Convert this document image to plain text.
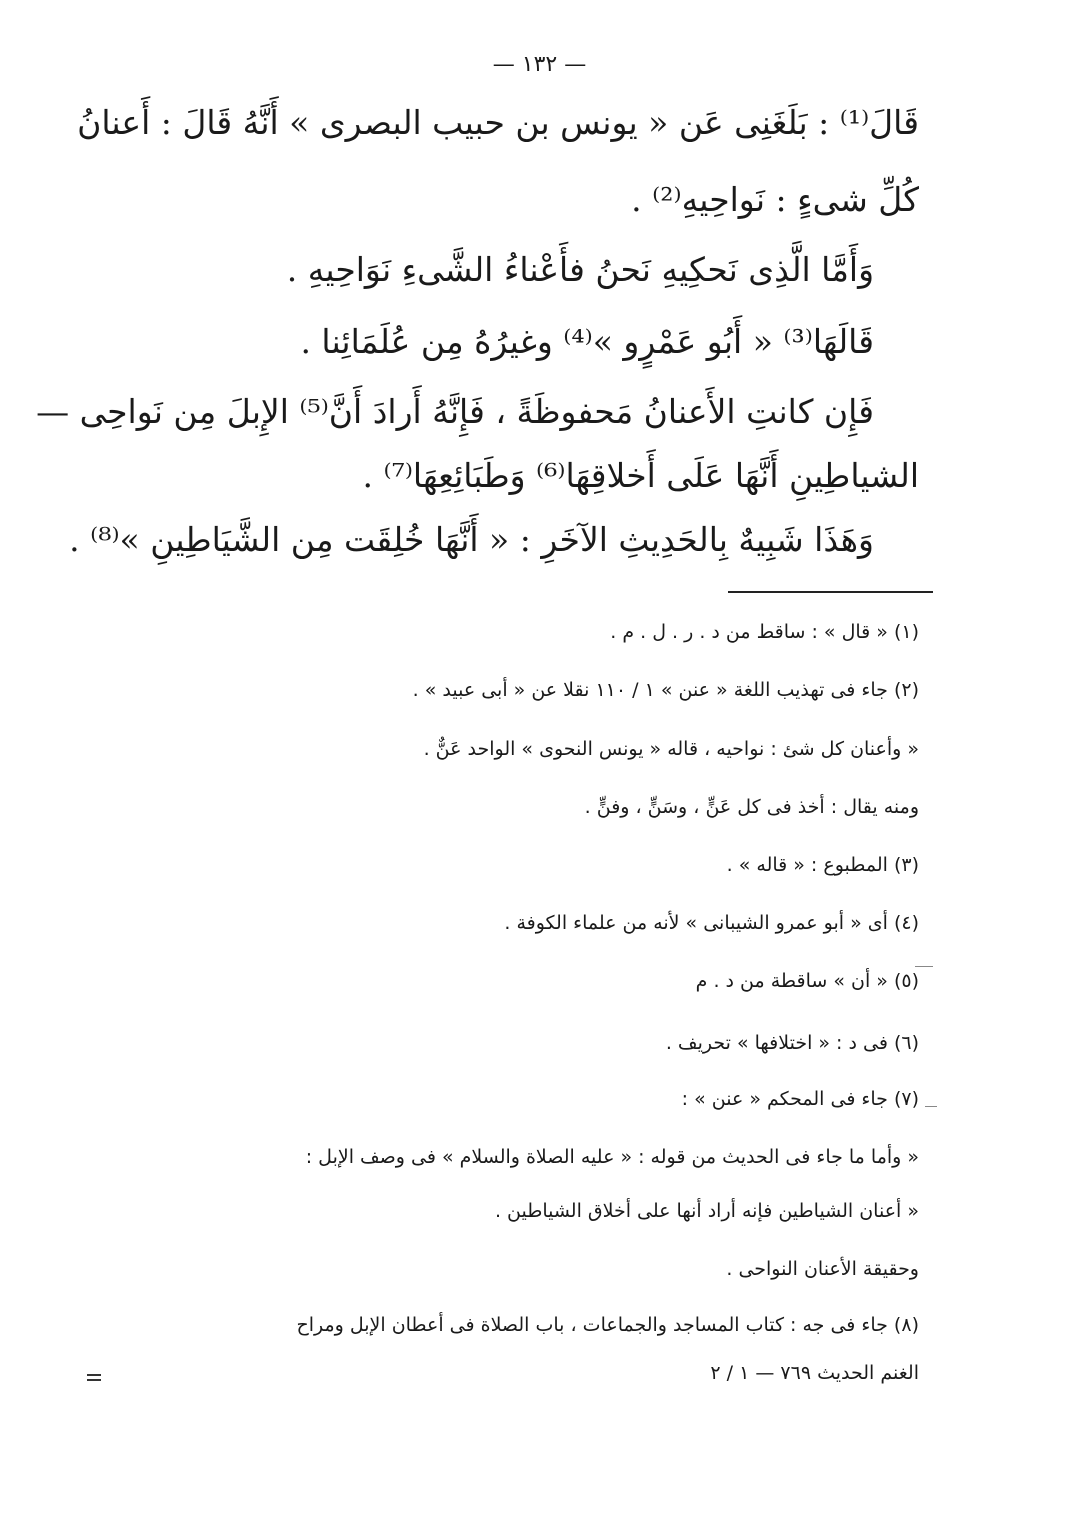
— ١٣٢ —
قَالَ⁽¹⁾ : بَلَغَنِى عَن « يونس بن حبيب البصرى » أَنَّهُ قَالَ : أَعنانُ
كُلِّ شىءٍ : نَواحِيهِ⁽²⁾ .
وَأَمَّا الَّذِى نَحكِيهِ نَحنُ فأَعْناءُ الشَّىءِ نَوَاحِيهِ .
قَالَهَا⁽³⁾ « أَبُو عَمْرٍو »⁽⁴⁾ وغيرُهُ مِن عُلَمَائِنا .
فَإِن كانتِ الأَعنانُ مَحفوظَةً ، فَإِنَّهُ أَرادَ أَنَّ⁽⁵⁾ الإِبلَ مِن نَواحِى —
الشياطِينِ أَنَّهَا عَلَى أَخلاقِهَا⁽⁶⁾ وَطَبَائِعِهَا⁽⁷⁾ .
وَهَذَا شَبِيهٌ بِالحَدِيثِ الآخَرِ : « أَنَّهَا خُلِقَت مِن الشَّيَاطِينِ »⁽⁸⁾ .
(١) « قال » : ساقط من د . ر . ل . م .
(٢) جاء فى تهذيب اللغة « عنن » ١ / ١١٠ نقلا عن « أبى عبيد » .
« وأعنان كل شئ : نواحيه ، قاله « يونس النحوى » الواحد عَنٌّ .
ومنه يقال : أخذ فى كل عَنٍّ ، وسَنٍّ ، وفنٍّ .
(٣) المطبوع : « قاله » .
(٤) أى « أبو عمرو الشيبانى » لأنه من علماء الكوفة .
(٥) « أن » ساقطة من د . م
(٦) فى د : « اختلافها » تحريف .
(٧) جاء فى المحكم « عنن » :
« وأما ما جاء فى الحديث من قوله : « عليه الصلاة والسلام » فى وصف الإبل :
« أعنان الشياطين فإنه أراد أنها على أخلاق الشياطين .
وحقيقة الأعنان النواحى .
(٨) جاء فى جه : كتاب المساجد والجماعات ، باب الصلاة فى أعطان الإبل ومراح
الغنم الحديث ٧٦٩ — ١ / ٢
